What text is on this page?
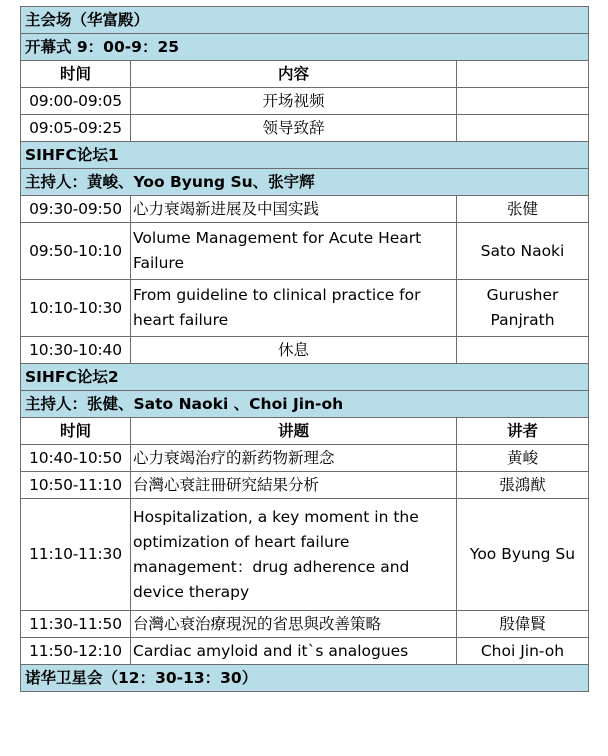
主会场（华富殿）		
开幕式 9：00-9：25		
时间	内容	
09:00-09:05	开场视频	
09:05-09:25	领导致辞	
SIHFC论坛1		
主持人：黄峻、Yoo Byung Su、张宇辉		
09:30-09:50	心力衰竭新进展及中国实践	张健
09:50-10:10	Volume Management for Acute Heart Failure	Sato Naoki
10:10-10:30	From guideline to clinical practice for heart failure	Gurusher Panjrath
10:30-10:40	休息	
SIHFC论坛2		
主持人：张健、Sato Naoki 、Choi Jin-oh		
时间	讲题	讲者
10:40-10:50	心力衰竭治疗的新药物新理念	黄峻
10:50-11:10	台灣心衰註冊研究結果分析	張鴻猷
11:10-11:30	Hospitalization, a key moment in the optimization of heart failure management：drug adherence and device therapy	Yoo Byung Su
11:30-11:50	台灣心衰治療現況的省思與改善策略	殷偉賢
11:50-12:10	Cardiac amyloid and it`s analogues	Choi Jin-oh
诺华卫星会（12：30-13：30）		
